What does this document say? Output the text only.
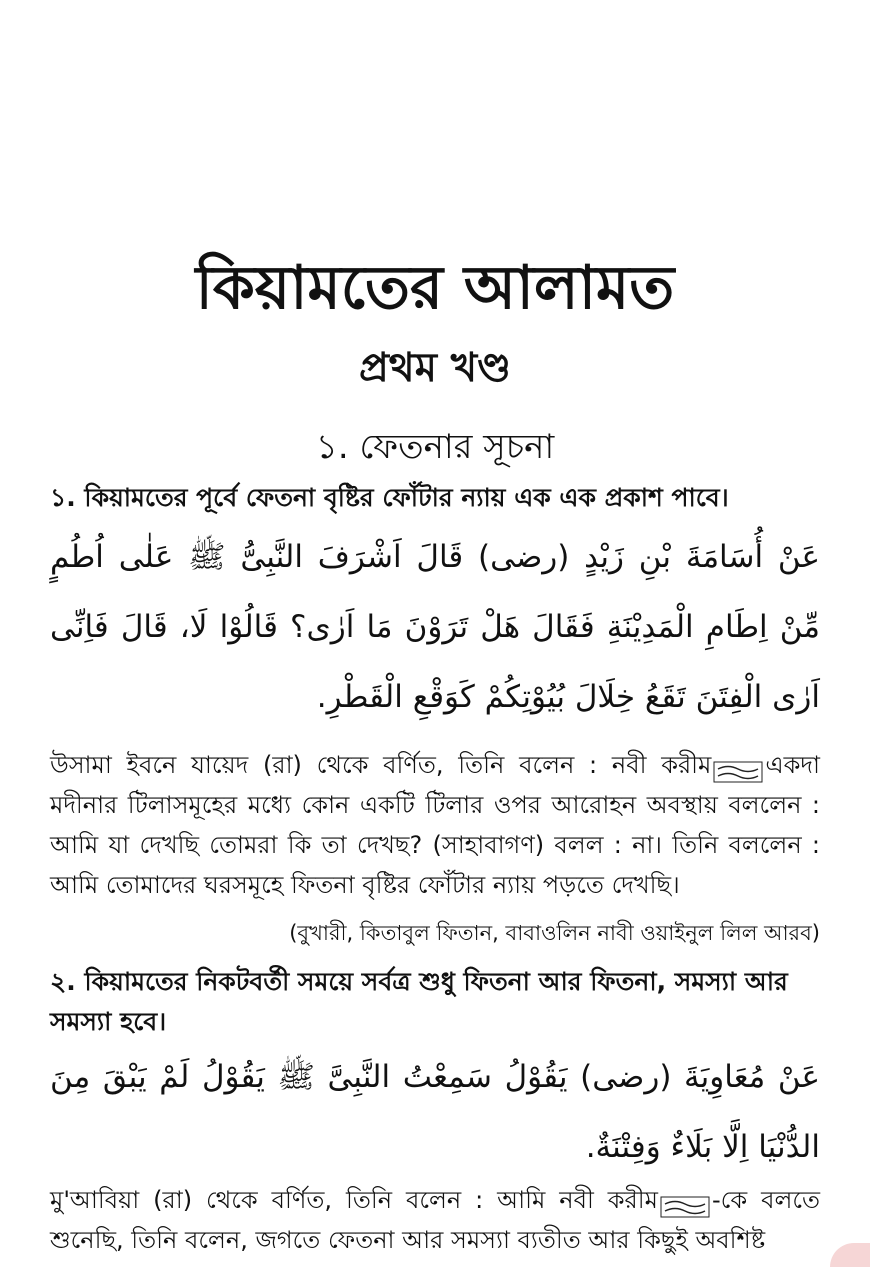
কিয়ামতের আলামত
প্রথম খণ্ড
১. ফেতনার সূচনা
১. কিয়ামতের পূর্বে ফেতনা বৃষ্টির ফোঁটার ন্যায় এক এক প্রকাশ পাবে।
عَنْ أُسَامَةَ بْنِ زَيْدٍ (رضى) قَالَ اَشْرَفَ النَّبِىُّ ﷺ عَلٰى اُطُمٍ مِّنْ اِطَامِ الْمَدِيْنَةِ فَقَالَ هَلْ تَرَوْنَ مَا اَرٰى؟ قَالُوْا لَا، قَالَ فَاِنِّى اَرٰى الْفِتَنَ تَقَعُ خِلَالَ بُيُوْتِكُمْ كَوَقْعِ الْقَطْرِ.
উসামা ইবনে যায়েদ (রা) থেকে বর্ণিত, তিনি বলেন : নবী করীম একদা মদীনার টিলাসমূহের মধ্যে কোন একটি টিলার ওপর আরোহন অবস্থায় বললেন : আমি যা দেখছি তোমরা কি তা দেখছ? (সাহাবাগণ) বলল : না। তিনি বললেন : আমি তোমাদের ঘরসমূহে ফিতনা বৃষ্টির ফোঁটার ন্যায় পড়তে দেখছি।
(বুখারী, কিতাবুল ফিতান, বাবাওলিন নাবী ওয়াইনুল লিল আরব)
২. কিয়ামতের নিকটবর্তী সময়ে সর্বত্র শুধু ফিতনা আর ফিতনা, সমস্যা আর সমস্যা হবে।
عَنْ مُعَاوِيَةَ (رضى) يَقُوْلُ سَمِعْتُ النَّبِىَّ ﷺ يَقُوْلُ لَمْ يَبْقَ مِنَ الدُّنْيَا اِلَّا بَلَاءٌ وَفِتْنَةٌ.
মু'আবিয়া (রা) থেকে বর্ণিত, তিনি বলেন : আমি নবী করীম -কে বলতে শুনেছি, তিনি বলেন, জগতে ফেতনা আর সমস্যা ব্যতীত আর কিছুই অবশিষ্ট
